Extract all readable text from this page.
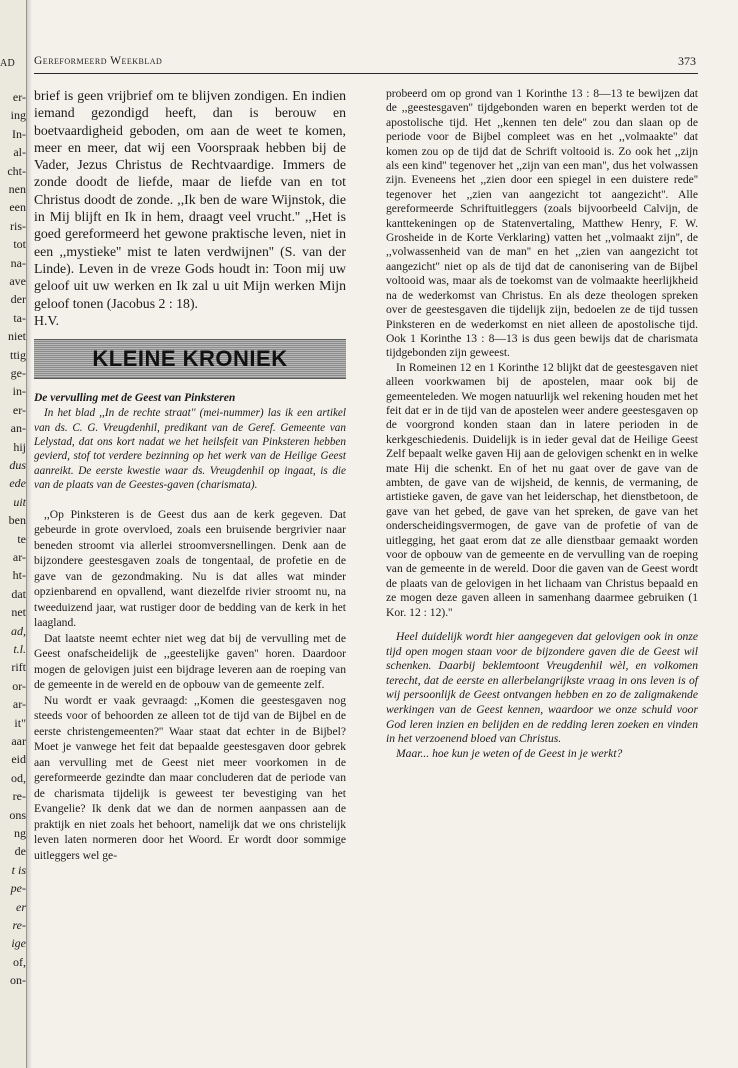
AD
er-
ing
In-
al-
cht-
nen
een
ris-
tot
na-
ave
der
ta-
niet
ttig
ge-
in-
er-
an-
hij
dus
ede
uit
ben
te
ar-
ht-
dat
net
ad,
t.l.
rift
or-
ar-
it"
aar
eid
od,
re-
ons
ng
de
t is
pe-
er
re-
ige
of,
on-
Gereformeerd Weekblad	373

brief is geen vrijbrief om te blijven zondigen. En indien iemand gezondigd heeft, dan is berouw en boetvaardigheid geboden, om aan de weet te komen, meer en meer, dat wij een Voorspraak hebben bij de Vader, Jezus Christus de Rechtvaardige. Immers de zonde doodt de liefde, maar de liefde van en tot Christus doodt de zonde. ,,Ik ben de ware Wijnstok, die in Mij blijft en Ik in hem, draagt veel vrucht.'' ,,Het is goed gereformeerd het gewone praktische leven, niet in een ,,mystieke'' mist te laten verdwijnen'' (S. van der Linde). Leven in de vreze Gods houdt in: Toon mij uw geloof uit uw werken en Ik zal u uit Mijn werken Mijn geloof tonen (Jacobus 2 : 18).

H.V.

KLEINE KRONIEK

De vervulling met de Geest van Pinksteren

In het blad ,,In de rechte straat'' (mei-nummer) las ik een artikel van ds. C. G. Vreugdenhil, predikant van de Geref. Gemeente van Lelystad, dat ons kort nadat we het heilsfeit van Pinksteren hebben gevierd, stof tot verdere bezinning op het werk van de Heilige Geest aanreikt. De eerste kwestie waar ds. Vreugdenhil op ingaat, is die van de plaats van de Geestes-gaven (charismata).

,,Op Pinksteren is de Geest dus aan de kerk gegeven. Dat gebeurde in grote overvloed, zoals een bruisende bergrivier naar beneden stroomt via allerlei stroomversnellingen. Denk aan de bijzondere geestesgaven zoals de tongentaal, de profetie en de gave van de gezondmaking. Nu is dat alles wat minder opzienbarend en opvallend, want diezelfde rivier stroomt nu, na tweeduizend jaar, wat rustiger door de bedding van de kerk in het laagland.

Dat laatste neemt echter niet weg dat bij de vervulling met de Geest onafscheidelijk de ,,geestelijke gaven'' horen. Daardoor mogen de gelovigen juist een bijdrage leveren aan de roeping van de gemeente in de wereld en de opbouw van de gemeente zelf.

Nu wordt er vaak gevraagd: ,,Komen die geestesgaven nog steeds voor of behoorden ze alleen tot de tijd van de Bijbel en de eerste christengemeenten?'' Waar staat dat echter in de Bijbel? Moet je vanwege het feit dat bepaalde geestesgaven door gebrek aan vervulling met de Geest niet meer voorkomen in de gereformeerde gezindte dan maar concluderen dat de periode van de charismata tijdelijk is geweest ter bevestiging van het Evangelie? Ik denk dat we dan de normen aanpassen aan de praktijk en niet zoals het behoort, namelijk dat we ons christelijk leven laten normeren door het Woord. Er wordt door sommige uitleggers wel ge-

probeerd om op grond van 1 Korinthe 13 : 8—13 te bewijzen dat de ,,geestesgaven'' tijdgebonden waren en beperkt werden tot de apostolische tijd. Het ,,kennen ten dele'' zou dan slaan op de periode voor de Bijbel compleet was en het ,,volmaakte'' dat komen zou op de tijd dat de Schrift voltooid is. Zo ook het ,,zijn als een kind'' tegenover het ,,zijn van een man'', dus het volwassen zijn. Eveneens het ,,zien door een spiegel in een duistere rede'' tegenover het ,,zien van aangezicht tot aangezicht''. Alle gereformeerde Schriftuitleggers (zoals bijvoorbeeld Calvijn, de kanttekeningen op de Statenvertaling, Matthew Henry, F. W. Grosheide in de Korte Verklaring) vatten het ,,volmaakt zijn'', de ,,volwassenheid van de man'' en het ,,zien van aangezicht tot aangezicht'' niet op als de tijd dat de canonisering van de Bijbel voltooid was, maar als de toekomst van de volmaakte heerlijkheid na de wederkomst van Christus. En als deze theologen spreken over de geestesgaven die tijdelijk zijn, bedoelen ze de tijd tussen Pinksteren en de wederkomst en niet alleen de apostolische tijd. Ook 1 Korinthe 13 : 8—13 is dus geen bewijs dat de charismata tijdgebonden zijn geweest.

In Romeinen 12 en 1 Korinthe 12 blijkt dat de geestesgaven niet alleen voorkwamen bij de apostelen, maar ook bij de gemeenteleden. We mogen natuurlijk wel rekening houden met het feit dat er in de tijd van de apostelen weer andere geestesgaven op de voorgrond konden staan dan in latere perioden in de kerkgeschiedenis. Duidelijk is in ieder geval dat de Heilige Geest Zelf bepaalt welke gaven Hij aan de gelovigen schenkt en in welke mate Hij die schenkt. En of het nu gaat over de gave van de ambten, de gave van de wijsheid, de kennis, de vermaning, de artistieke gaven, de gave van het leiderschap, het dienstbetoon, de gave van het gebed, de gave van het spreken, de gave van het onderscheidingsvermogen, de gave van de profetie of van de uitlegging, het gaat erom dat ze alle dienstbaar gemaakt worden voor de opbouw van de gemeente en de vervulling van de roeping van de gemeente in de wereld. Door die gaven van de Geest wordt de plaats van de gelovigen in het lichaam van Christus bepaald en ze mogen deze gaven alleen in samenhang daarmee gebruiken (1 Kor. 12 : 12).''

Heel duidelijk wordt hier aangegeven dat gelovigen ook in onze tijd open mogen staan voor de bijzondere gaven die de Geest wil schenken. Daarbij beklemtoont Vreugdenhil wèl, en volkomen terecht, dat de eerste en allerbelangrijkste vraag in ons leven is of wij persoonlijk de Geest ontvangen hebben en zo de zaligmakende werkingen van de Geest kennen, waardoor we onze schuld voor God leren inzien en belijden en de redding leren zoeken en vinden in het verzoenend bloed van Christus.

Maar... hoe kun je weten of de Geest in je werkt?
